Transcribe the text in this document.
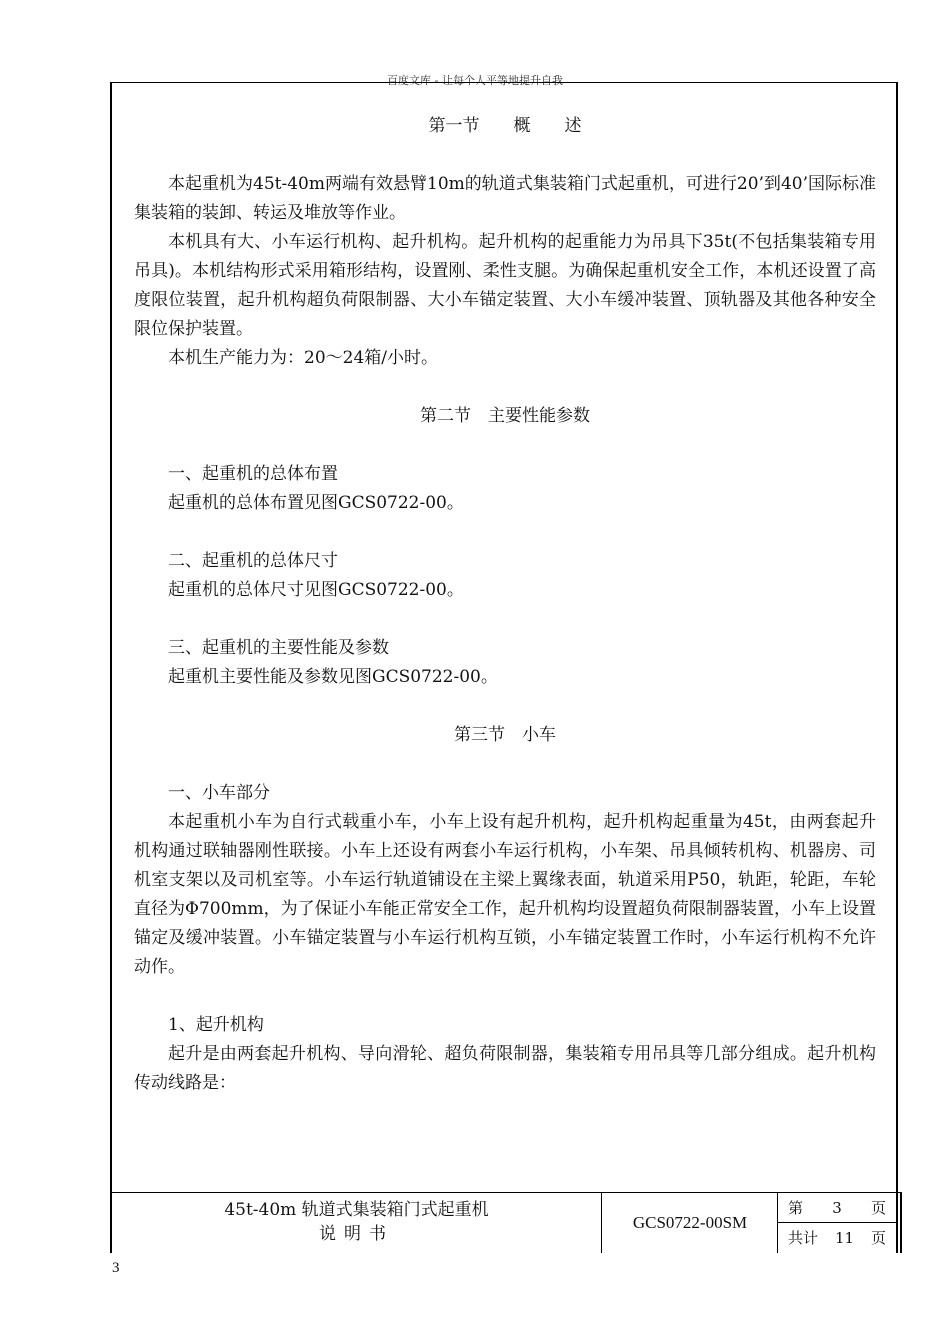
百度文库 - 让每个人平等地提升自我
第一节　　概　　述

本起重机为45t-40m两端有效悬臂10m的轨道式集装箱门式起重机，可进行20’到40’国际标准集装箱的装卸、转运及堆放等作业。

本机具有大、小车运行机构、起升机构。起升机构的起重能力为吊具下35t(不包括集装箱专用吊具)。本机结构形式采用箱形结构，设置刚、柔性支腿。为确保起重机安全工作，本机还设置了高度限位装置，起升机构超负荷限制器、大小车锚定装置、大小车缓冲装置、顶轨器及其他各种安全限位保护装置。

本机生产能力为：20～24箱/小时。

第二节　主要性能参数

一、起重机的总体布置

起重机的总体布置见图GCS0722-00。

二、起重机的总体尺寸

起重机的总体尺寸见图GCS0722-00。

三、起重机的主要性能及参数

起重机主要性能及参数见图GCS0722-00。

第三节　小车

一、小车部分

本起重机小车为自行式载重小车，小车上设有起升机构，起升机构起重量为45t，由两套起升机构通过联轴器刚性联接。小车上还设有两套小车运行机构，小车架、吊具倾转机构、机器房、司机室支架以及司机室等。小车运行轨道铺设在主梁上翼缘表面，轨道采用P50，轨距，轮距，车轮直径为Φ700mm，为了保证小车能正常安全工作，起升机构均设置超负荷限制器装置，小车上设置锚定及缓冲装置。小车锚定装置与小车运行机构互锁，小车锚定装置工作时，小车运行机构不允许动作。

1、起升机构

起升是由两套起升机构、导向滑轮、超负荷限制器，集装箱专用吊具等几部分组成。起升机构传动线路是：

45t-40m 轨道式集装箱门式起重机
说明书
GCS0722-00SM
第 3 页
共计 11 页
3
